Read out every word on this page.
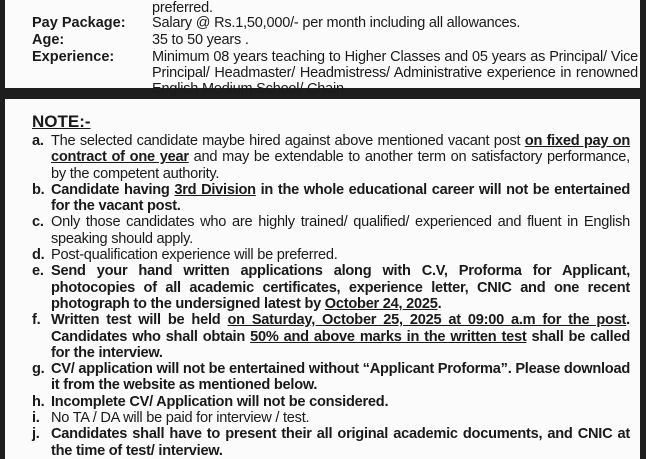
preferred.
Pay Package: Salary @ Rs.1,50,000/- per month including all allowances.
Age:	35 to 50 years .
Experience:	Minimum 08 years teaching to Higher Classes and 05 years as Principal/ Vice Principal/ Headmaster/ Headmistress/ Administrative experience in renowned English Medium School/ Chain.
NOTE:-
a. The selected candidate maybe hired against above mentioned vacant post on fixed pay on contract of one year and may be extendable to another term on satisfactory performance, by the competent authority.
b. Candidate having 3rd Division in the whole educational career will not be entertained for the vacant post.
c. Only those candidates who are highly trained/ qualified/ experienced and fluent in English speaking should apply.
d. Post-qualification experience will be preferred.
e. Send your hand written applications along with C.V, Proforma for Applicant, photocopies of all academic certificates, experience letter, CNIC and one recent photograph to the undersigned latest by October 24, 2025.
f. Written test will be held on Saturday, October 25, 2025 at 09:00 a.m for the post. Candidates who shall obtain 50% and above marks in the written test shall be called for the interview.
g. CV/ application will not be entertained without “Applicant Proforma”. Please download it from the website as mentioned below.
h. Incomplete CV/ Application will not be considered.
i. No TA / DA will be paid for interview / test.
j. Candidates shall have to present their all original academic documents, and CNIC at the time of test/ interview.
